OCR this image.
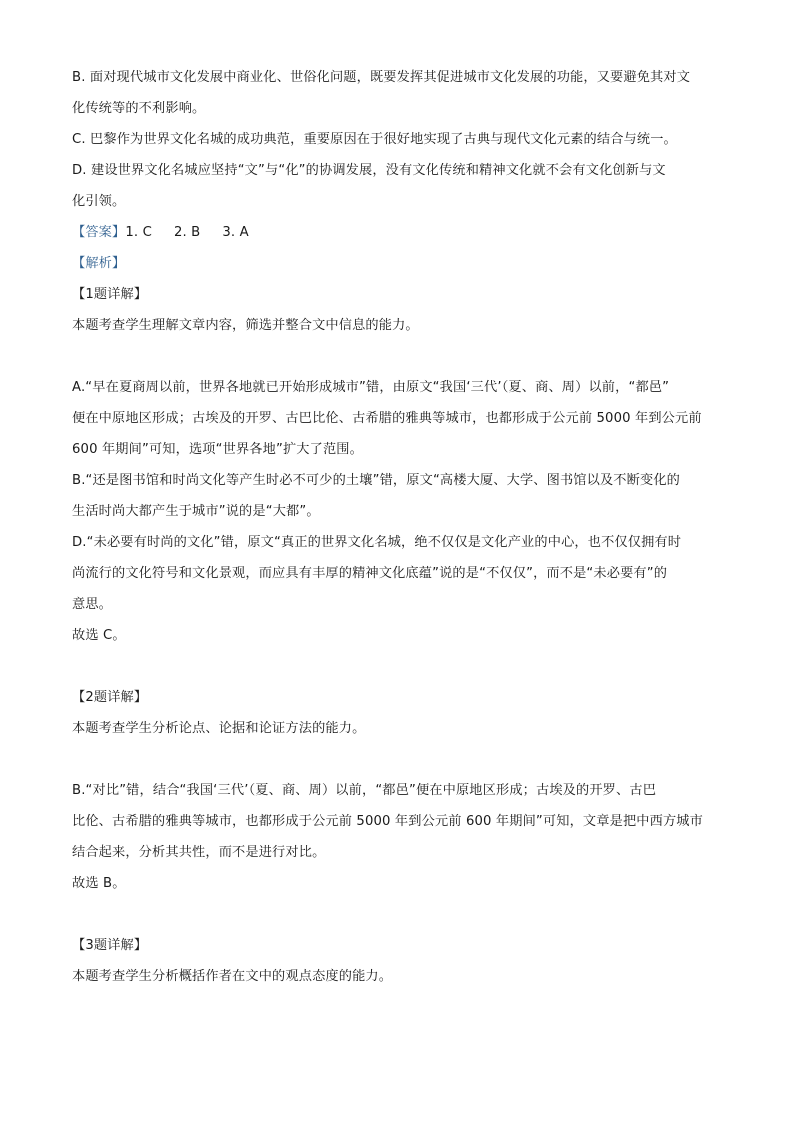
B. 面对现代城市文化发展中商业化、世俗化问题，既要发挥其促进城市文化发展的功能，又要避免其对文
化传统等的不利影响。
C. 巴黎作为世界文化名城的成功典范，重要原因在于很好地实现了古典与现代文化元素的结合与统一。
D. 建设世界文化名城应坚持“文”与“化”的协调发展，没有文化传统和精神文化就不会有文化创新与文
化引领。
【答案】1. C 2. B 3. A
【解析】
【1题详解】
本题考查学生理解文章内容，筛选并整合文中信息的能力。
A.“早在夏商周以前，世界各地就已开始形成城市”错，由原文“我国‘三代’（夏、商、周）以前，“都邑”
便在中原地区形成；古埃及的开罗、古巴比伦、古希腊的雅典等城市，也都形成于公元前 5000 年到公元前
600 年期间”可知，选项“世界各地”扩大了范围。
B.“还是图书馆和时尚文化等产生时必不可少的土壤”错，原文“高楼大厦、大学、图书馆以及不断变化的
生活时尚大都产生于城市”说的是“大都”。
D.“未必要有时尚的文化”错，原文“真正的世界文化名城，绝不仅仅是文化产业的中心，也不仅仅拥有时
尚流行的文化符号和文化景观，而应具有丰厚的精神文化底蕴”说的是“不仅仅”，而不是“未必要有”的
意思。
故选 C。
【2题详解】
本题考查学生分析论点、论据和论证方法的能力。
B.“对比”错，结合“我国‘三代’（夏、商、周）以前，“都邑”便在中原地区形成；古埃及的开罗、古巴
比伦、古希腊的雅典等城市，也都形成于公元前 5000 年到公元前 600 年期间”可知，文章是把中西方城市
结合起来，分析其共性，而不是进行对比。
故选 B。
【3题详解】
本题考查学生分析概括作者在文中的观点态度的能力。
